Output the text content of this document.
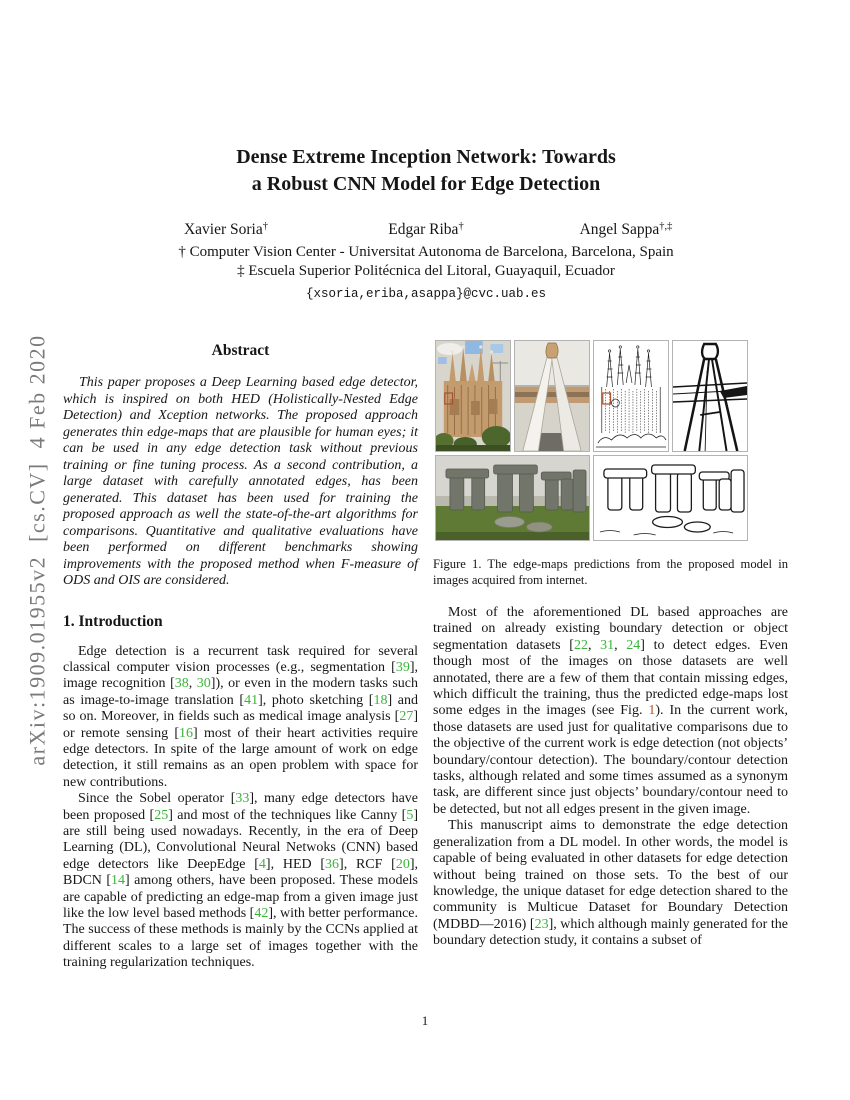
arXiv:1909.01955v2  [cs.CV]  4 Feb 2020
Dense Extreme Inception Network: Towards
a Robust CNN Model for Edge Detection
Xavier Soria†	Edgar Riba†	Angel Sappa†,‡
† Computer Vision Center - Universitat Autonoma de Barcelona, Barcelona, Spain
‡ Escuela Superior Politécnica del Litoral, Guayaquil, Ecuador
{xsoria,eriba,asappa}@cvc.uab.es
Abstract

This paper proposes a Deep Learning based edge detector, which is inspired on both HED (Holistically-Nested Edge Detection) and Xception networks. The proposed approach generates thin edge-maps that are plausible for human eyes; it can be used in any edge detection task without previous training or fine tuning process. As a second contribution, a large dataset with carefully annotated edges, has been generated. This dataset has been used for training the proposed approach as well the state-of-the-art algorithms for comparisons. Quantitative and qualitative evaluations have been performed on different benchmarks showing improvements with the proposed method when F-measure of ODS and OIS are considered.

1. Introduction

Edge detection is a recurrent task required for several classical computer vision processes (e.g., segmentation [39], image recognition [38, 30]), or even in the modern tasks such as image-to-image translation [41], photo sketching [18] and so on. Moreover, in fields such as medical image analysis [27] or remote sensing [16] most of their heart activities require edge detectors. In spite of the large amount of work on edge detection, it still remains as an open problem with space for new contributions.

Since the Sobel operator [33], many edge detectors have been proposed [25] and most of the techniques like Canny [5] are still being used nowadays. Recently, in the era of Deep Learning (DL), Convolutional Neural Netwoks (CNN) based edge detectors like DeepEdge [4], HED [36], RCF [20], BDCN [14] among others, have been proposed. These models are capable of predicting an edge-map from a given image just like the low level based methods [42], with better performance. The success of these methods is mainly by the CCNs applied at different scales to a large set of images together with the training regularization techniques.

Figure 1. The edge-maps predictions from the proposed model in images acquired from internet.

Most of the aforementioned DL based approaches are trained on already existing boundary detection or object segmentation datasets [22, 31, 24] to detect edges. Even though most of the images on those datasets are well annotated, there are a few of them that contain missing edges, which difficult the training, thus the predicted edge-maps lost some edges in the images (see Fig. 1). In the current work, those datasets are used just for qualitative comparisons due to the objective of the current work is edge detection (not objects’ boundary/contour detection). The boundary/contour detection tasks, although related and some times assumed as a synonym task, are different since just objects’ boundary/contour need to be detected, but not all edges present in the given image.

This manuscript aims to demonstrate the edge detection generalization from a DL model. In other words, the model is capable of being evaluated in other datasets for edge detection without being trained on those sets. To the best of our knowledge, the unique dataset for edge detection shared to the community is Multicue Dataset for Boundary Detection (MDBD—2016) [23], which although mainly generated for the boundary detection study, it contains a subset of

1
